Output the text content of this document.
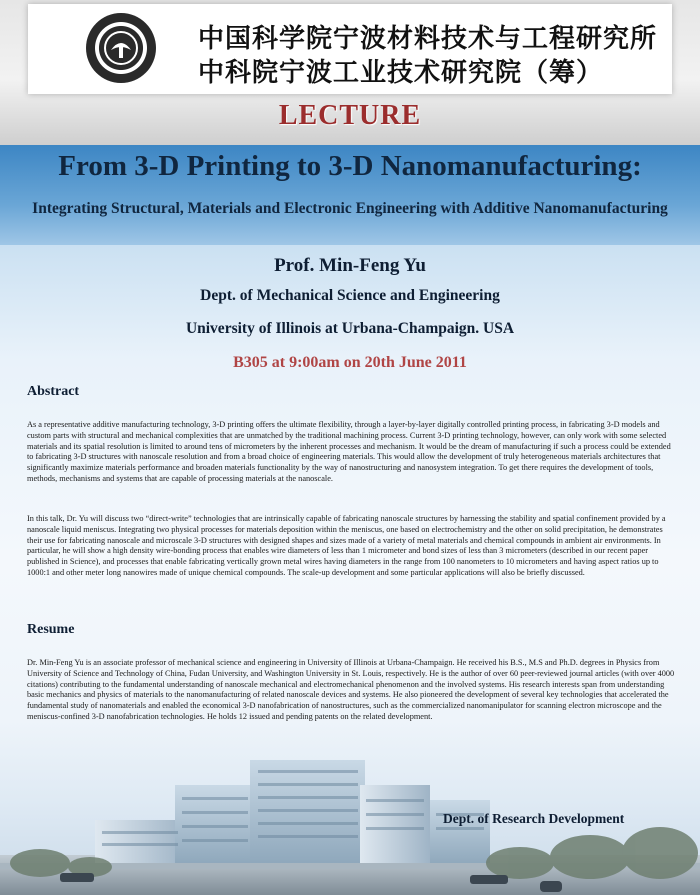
中国科学院宁波材料技术与工程研究所
中科院宁波工业技术研究院（筹）
LECTURE
From 3-D Printing to 3-D Nanomanufacturing:
Integrating Structural, Materials and Electronic Engineering with Additive Nanomanufacturing
Prof. Min-Feng Yu
Dept. of Mechanical Science and Engineering
University of Illinois at Urbana-Champaign. USA
B305 at 9:00am on 20th June 2011
Abstract

As a representative additive manufacturing technology, 3-D printing offers the ultimate flexibility, through a layer-by-layer digitally controlled printing process, in fabricating 3-D models and custom parts with structural and mechanical complexities that are unmatched by the traditional machining process. Current 3-D printing technology, however, can only work with some selected materials and its spatial resolution is limited to around tens of micrometers by the inherent processes and mechanism. It would be the dream of manufacturing if such a process could be extended to fabricating 3-D structures with nanoscale resolution and from a broad choice of engineering materials. This would allow the development of truly heterogeneous materials architectures that significantly maximize materials performance and broaden materials functionality by the way of nanostructuring and nanosystem integration. To get there requires the development of tools, methods, mechanisms and systems that are capable of processing materials at the nanoscale.

In this talk, Dr. Yu will discuss two “direct-write” technologies that are intrinsically capable of fabricating nanoscale structures by harnessing the stability and spatial confinement provided by a nanoscale liquid meniscus. Integrating two physical processes for materials deposition within the meniscus, one based on electrochemistry and the other on solid precipitation, he demonstrates their use for fabricating nanoscale and microscale 3-D structures with designed shapes and sizes made of a variety of metal materials and chemical compounds in ambient air environments. In particular, he will show a high density wire-bonding process that enables wire diameters of less than 1 micrometer and bond sizes of less than 3 micrometers (described in our recent paper published in Science), and processes that enable fabricating vertically grown metal wires having diameters in the range from 100 nanometers to 10 micrometers and having aspect ratios up to 1000:1 and other meter long nanowires made of unique chemical compounds. The scale-up development and some particular applications will also be briefly discussed.

Resume

Dr. Min-Feng Yu is an associate professor of mechanical science and engineering in University of Illinois at Urbana-Champaign. He received his B.S., M.S and Ph.D. degrees in Physics from University of Science and Technology of China, Fudan University, and Washington University in St. Louis, respectively. He is the author of over 60 peer-reviewed journal articles (with over 4000 citations) contributing to the fundamental understanding of nanoscale mechanical and electromechanical phenomenon and the involved systems. His research interests span from understanding basic mechanics and physics of materials to the nanomanufacturing of related nanoscale devices and systems. He also pioneered the development of several key technologies that accelerated the fundamental study of nanomaterials and enabled the economical 3-D nanofabrication of nanostructures, such as the commercialized nanomanipulator for scanning electron microscope and the meniscus-confined 3-D nanofabrication technologies. He holds 12 issued and pending patents on the related development.

Dept. of Research Development
